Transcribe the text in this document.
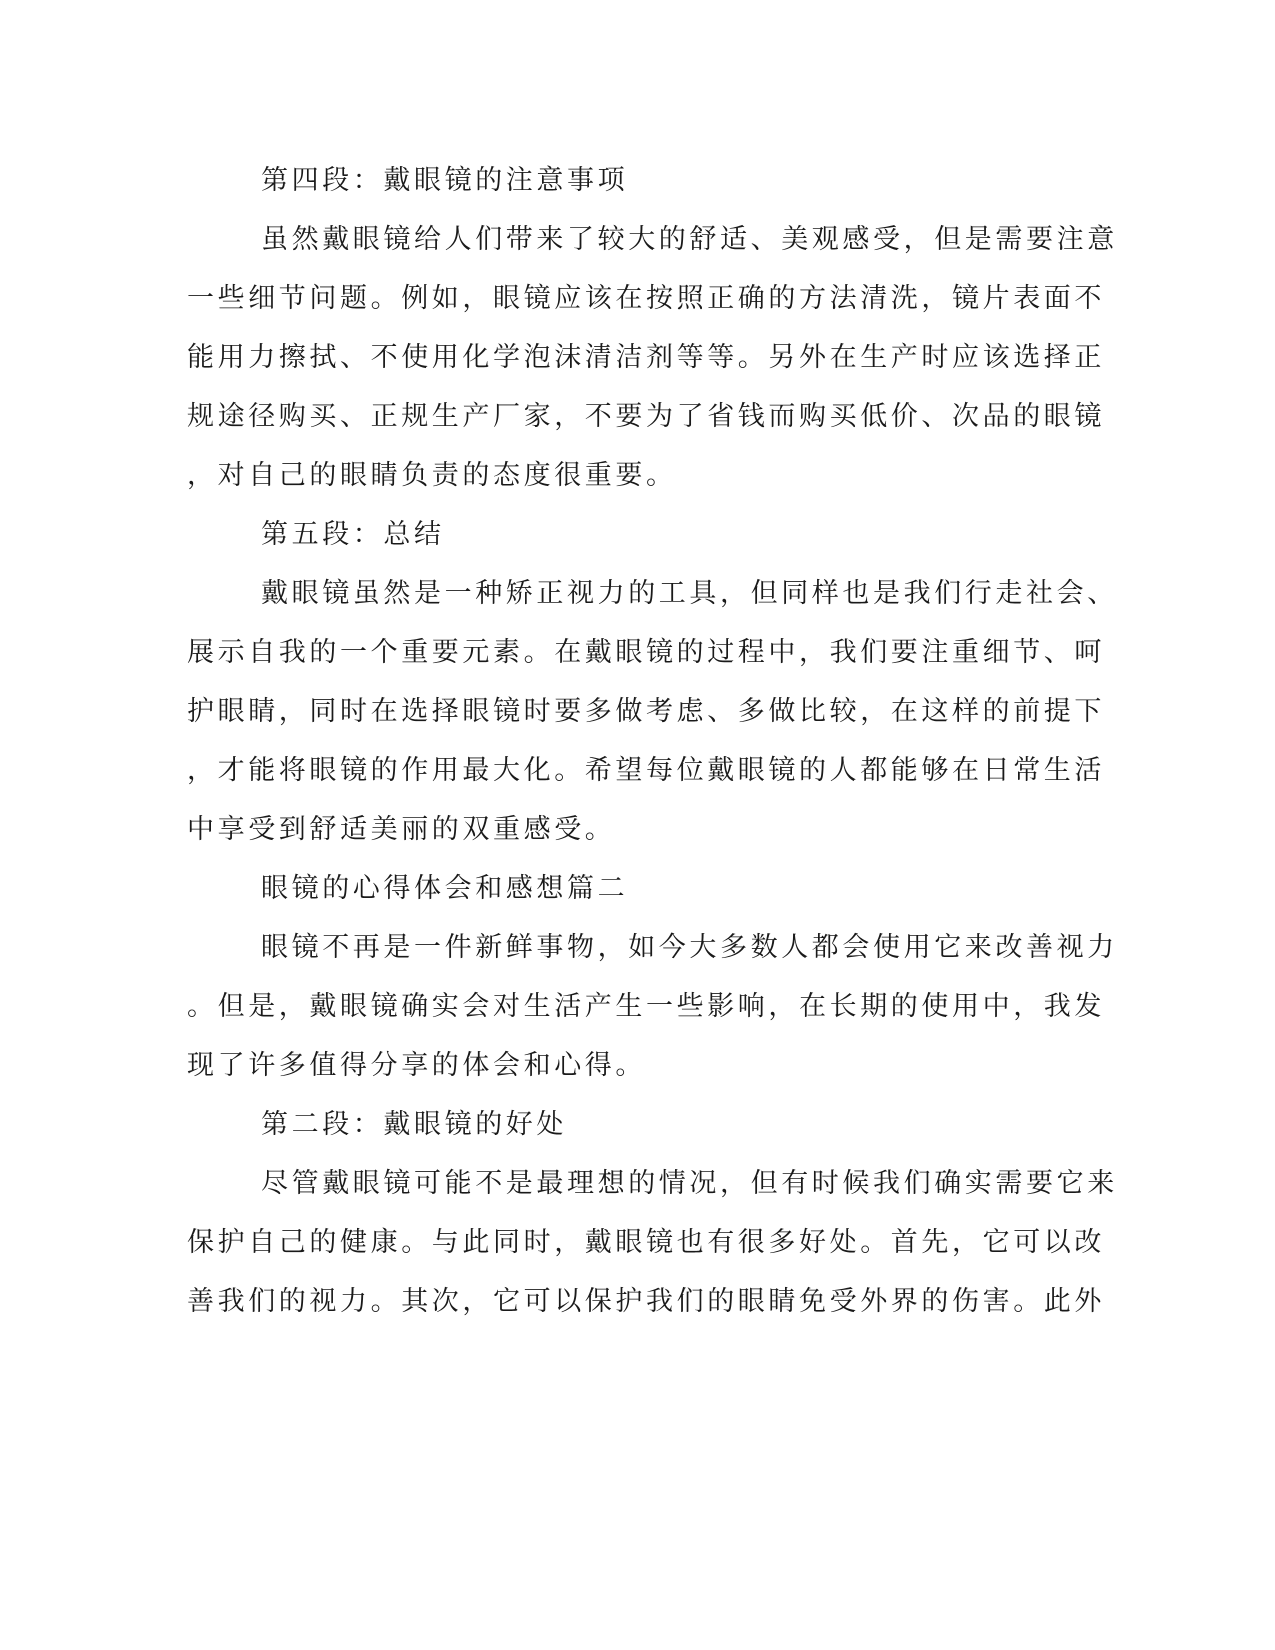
第四段：戴眼镜的注意事项
虽然戴眼镜给人们带来了较大的舒适、美观感受，但是需要注意
一些细节问题。例如，眼镜应该在按照正确的方法清洗，镜片表面不
能用力擦拭、不使用化学泡沫清洁剂等等。另外在生产时应该选择正
规途径购买、正规生产厂家，不要为了省钱而购买低价、次品的眼镜
，对自己的眼睛负责的态度很重要。
第五段：总结
戴眼镜虽然是一种矫正视力的工具，但同样也是我们行走社会、
展示自我的一个重要元素。在戴眼镜的过程中，我们要注重细节、呵
护眼睛，同时在选择眼镜时要多做考虑、多做比较，在这样的前提下
，才能将眼镜的作用最大化。希望每位戴眼镜的人都能够在日常生活
中享受到舒适美丽的双重感受。
眼镜的心得体会和感想篇二
眼镜不再是一件新鲜事物，如今大多数人都会使用它来改善视力
。但是，戴眼镜确实会对生活产生一些影响，在长期的使用中，我发
现了许多值得分享的体会和心得。
第二段：戴眼镜的好处
尽管戴眼镜可能不是最理想的情况，但有时候我们确实需要它来
保护自己的健康。与此同时，戴眼镜也有很多好处。首先，它可以改
善我们的视力。其次，它可以保护我们的眼睛免受外界的伤害。此外
